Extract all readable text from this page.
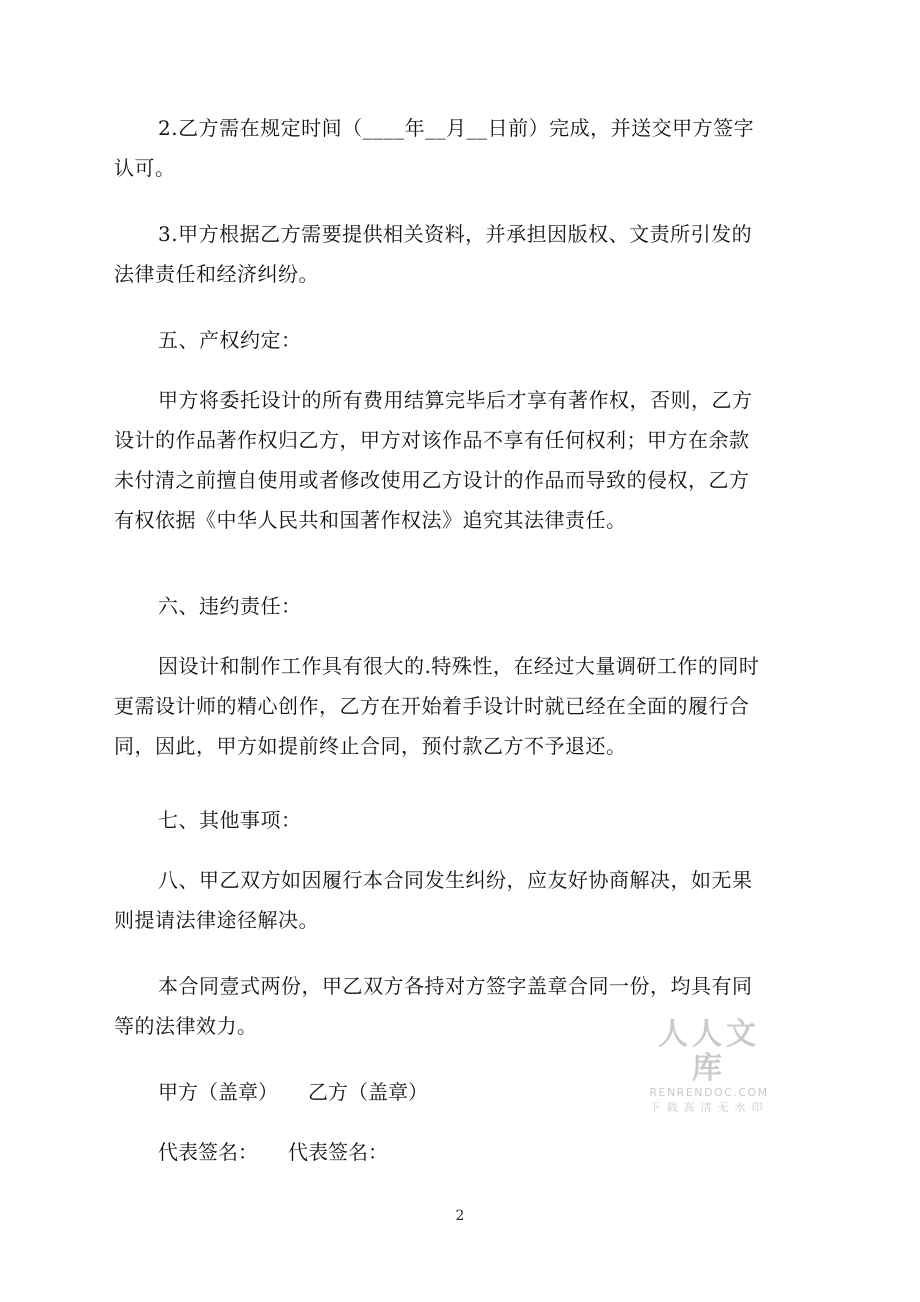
2.乙方需在规定时间（____年__月__日前）完成，并送交甲方签字
认可。
3.甲方根据乙方需要提供相关资料，并承担因版权、文责所引发的
法律责任和经济纠纷。
五、产权约定：
甲方将委托设计的所有费用结算完毕后才享有著作权，否则，乙方
设计的作品著作权归乙方，甲方对该作品不享有任何权利；甲方在余款
未付清之前擅自使用或者修改使用乙方设计的作品而导致的侵权，乙方
有权依据《中华人民共和国著作权法》追究其法律责任。
六、违约责任：
因设计和制作工作具有很大的.特殊性，在经过大量调研工作的同时
更需设计师的精心创作，乙方在开始着手设计时就已经在全面的履行合
同，因此，甲方如提前终止合同，预付款乙方不予退还。
七、其他事项：
八、甲乙双方如因履行本合同发生纠纷，应友好协商解决，如无果
则提请法律途径解决。
本合同壹式两份，甲乙双方各持对方签字盖章合同一份，均具有同
等的法律效力。	人人文库
RENRENDOC.COM
下载高清无水印
甲方（盖章） 乙方（盖章）
代表签名： 代表签名：
2
